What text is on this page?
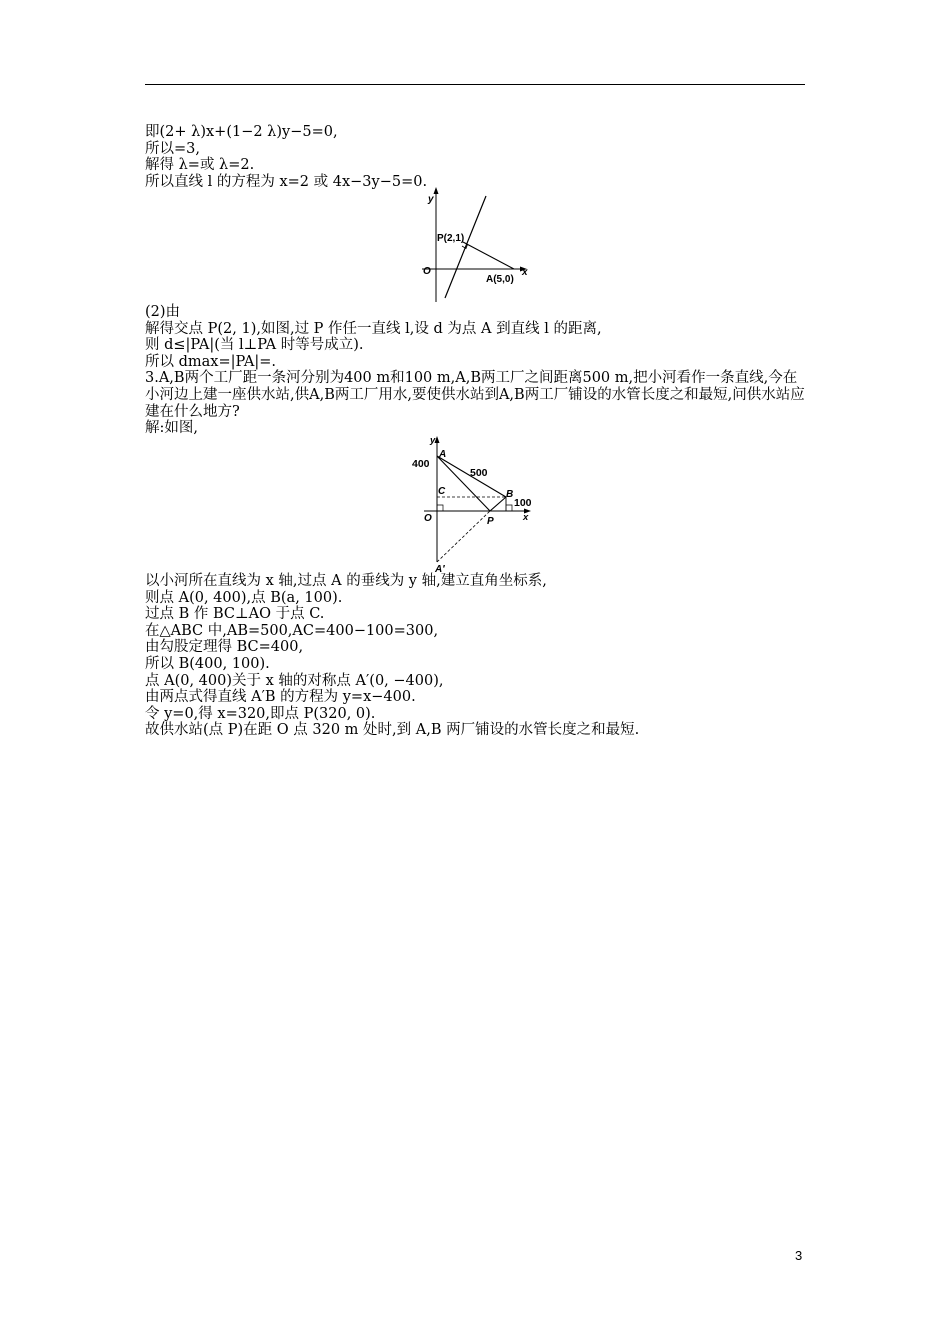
即(2+ λ)x+(1−2 λ)y−5=0,
所以=3,
解得 λ=或 λ=2.
所以直线 l 的方程为 x=2 或 4x−3y−5=0.
y
x
O
P(2,1)
A(5,0)
(2)由
解得交点 P(2, 1),如图,过 P 作任一直线 l,设 d 为点 A 到直线 l 的距离,
则 d≤|PA|(当 l⊥PA 时等号成立).
所以 dmax=|PA|=.
3.A,B两个工厂距一条河分别为400 m和100 m,A,B两工厂之间距离500 m,把小河看作一条直线,今在小河边上建一座供水站,供A,B两工厂用水,要使供水站到A,B两工厂铺设的水管长度之和最短,问供水站应建在什么地方?
解:如图,
y
x
400
A
500
C	B
100
O	P
A′
以小河所在直线为 x 轴,过点 A 的垂线为 y 轴,建立直角坐标系,
则点 A(0, 400),点 B(a, 100).
过点 B 作 BC⊥AO 于点 C.
在△ABC 中,AB=500,AC=400−100=300,
由勾股定理得 BC=400,
所以 B(400, 100).
点 A(0, 400)关于 x 轴的对称点 A′(0, −400),
由两点式得直线 A′B 的方程为 y=x−400.
令 y=0,得 x=320,即点 P(320, 0).
故供水站(点 P)在距 O 点 320 m 处时,到 A,B 两厂铺设的水管长度之和最短.
3
